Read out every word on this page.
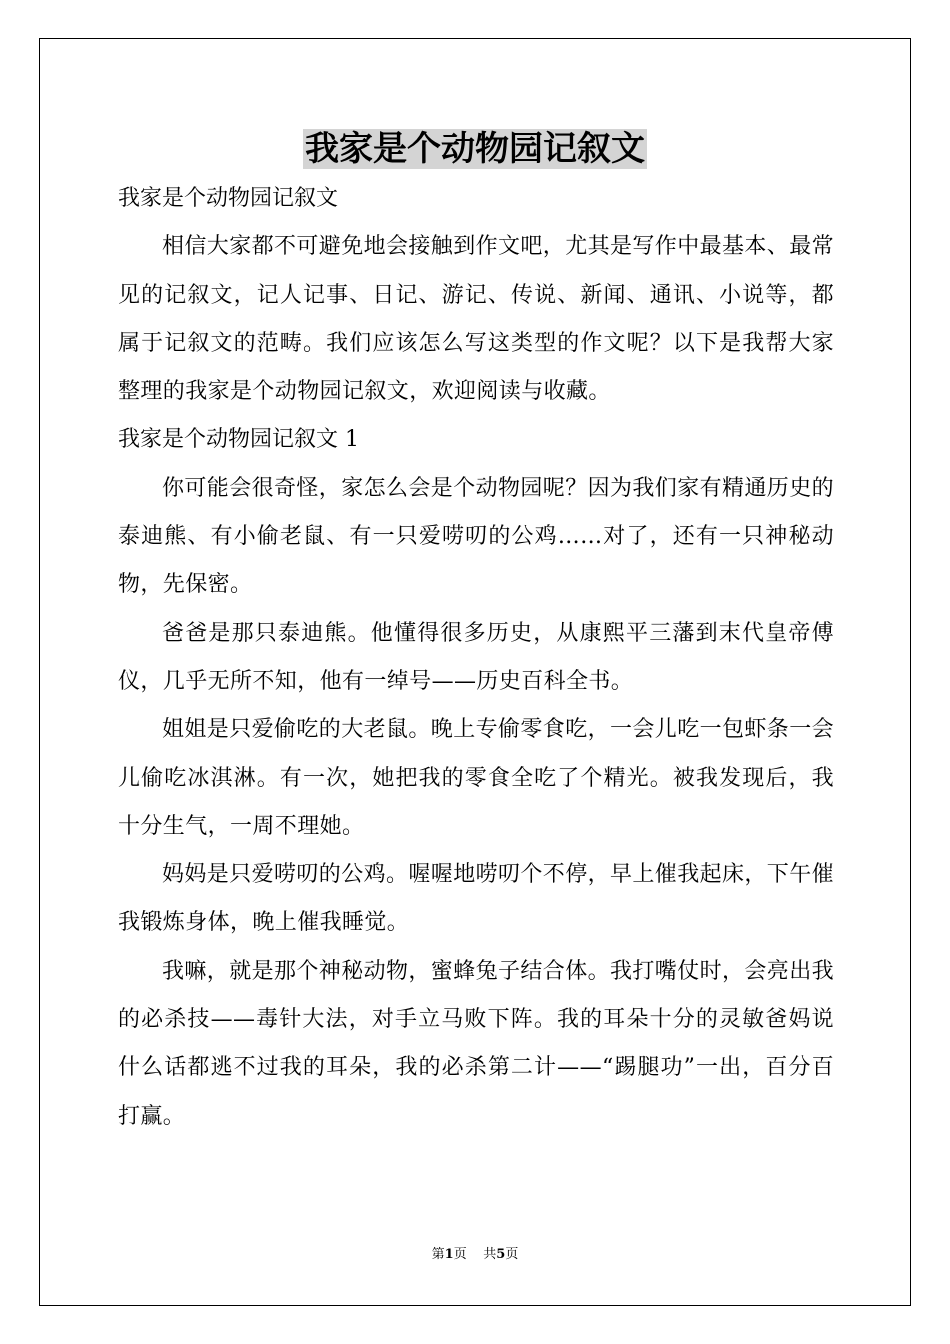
我家是个动物园记叙文

我家是个动物园记叙文

相信大家都不可避免地会接触到作文吧，尤其是写作中最基本、最常见的记叙文，记人记事、日记、游记、传说、新闻、通讯、小说等，都属于记叙文的范畴。我们应该怎么写这类型的作文呢？以下是我帮大家整理的我家是个动物园记叙文，欢迎阅读与收藏。

我家是个动物园记叙文 1

你可能会很奇怪，家怎么会是个动物园呢？因为我们家有精通历史的泰迪熊、有小偷老鼠、有一只爱唠叨的公鸡……对了，还有一只神秘动物，先保密。

爸爸是那只泰迪熊。他懂得很多历史，从康熙平三藩到末代皇帝傅仪，几乎无所不知，他有一绰号——历史百科全书。

姐姐是只爱偷吃的大老鼠。晚上专偷零食吃，一会儿吃一包虾条一会儿偷吃冰淇淋。有一次，她把我的零食全吃了个精光。被我发现后，我十分生气，一周不理她。

妈妈是只爱唠叨的公鸡。喔喔地唠叨个不停，早上催我起床，下午催我锻炼身体，晚上催我睡觉。

我嘛，就是那个神秘动物，蜜蜂兔子结合体。我打嘴仗时，会亮出我的必杀技——毒针大法，对手立马败下阵。我的耳朵十分的灵敏爸妈说什么话都逃不过我的耳朵，我的必杀第二计——“踢腿功”一出，百分百打赢。

第1页 共5页
